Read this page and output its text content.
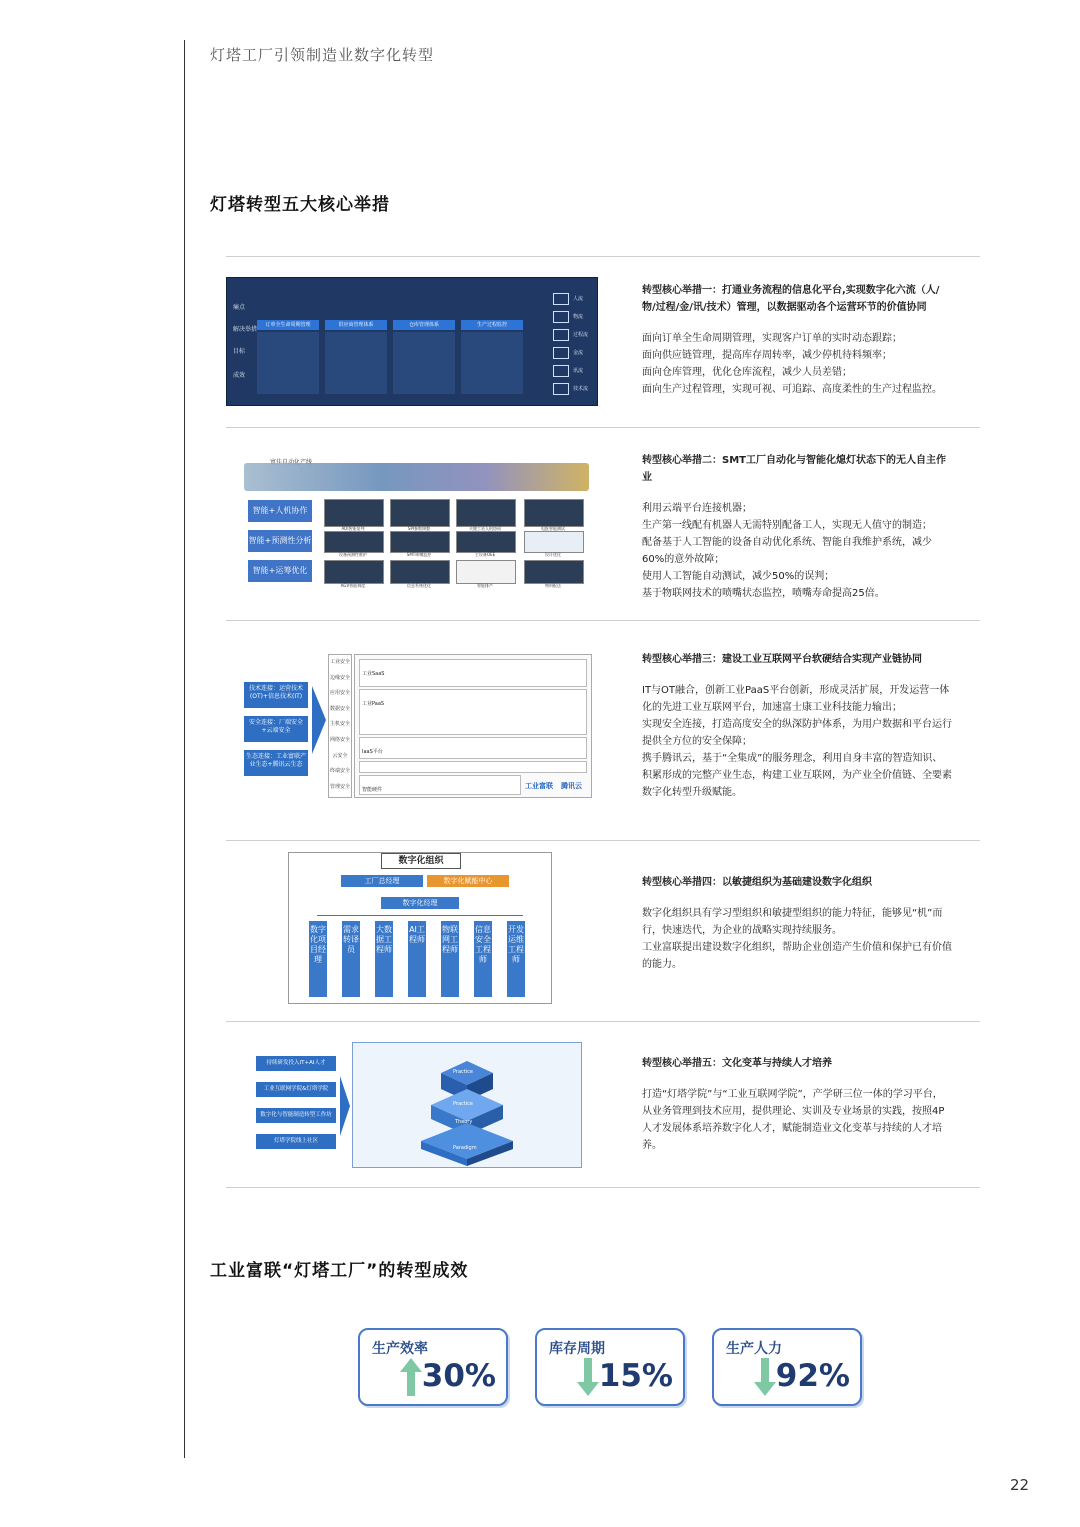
灯塔工厂引领制造业数字化转型
灯塔转型五大核心举措
痛点
解决举措
目标
成效
订单全生命周期管理	供应商管理体系	仓库管理体系	生产过程监控
人流
物流
过程流
金流
讯流
技术流
转型核心举措一：打通业务流程的信息化平台,实现数字化六流（人/物/过程/金/讯/技术）管理，以数据驱动各个运营环节的价值协同
面向订单全生命周期管理，实现客户订单的实时动态跟踪；
面向供应链管理，提高库存周转率，减少停机待料频率；
面向仓库管理，优化仓库流程，减少人员差错；
面向生产过程管理，实现可视、可追踪、高度柔性的生产过程监控。
智能+人机协作
智能+预测性分析
智能+运筹优化
AOI智能复判	SPI参数调整	关键工站人机协同	电批智能测试
设备预测性维护	SMT喷嘴监控	主设备OEE	设计优化
AGV智能调度	信息系统优化	智能排产	物料配送
转型核心举措二：SMT工厂自动化与智能化熄灯状态下的无人自主作业
利用云端平台连接机器；
生产第一线配有机器人无需特别配备工人，实现无人值守的制造；
配备基于人工智能的设备自动优化系统、智能自我维护系统，减少60%的意外故障；
使用人工智能自动测试，减少50%的误判；
基于物联网技术的喷嘴状态监控，喷嘴寿命提高25倍。
技术连接：运营技术(OT)+信息技术(IT)
安全连接：厂端安全+云端安全
生态连接：工业富联产业生态+腾讯云生态
工业安全
边缘安全
应用安全
数据安全
主机安全
网络安全
云安全
终端安全
管理安全
工业SaaS
工业PaaS
IaaS平台
智能硬件	工业富联 腾讯云
转型核心举措三：建设工业互联网平台软硬结合实现产业链协同
IT与OT融合，创新工业PaaS平台创新，形成灵活扩展，开发运营一体化的先进工业互联网平台，加速富士康工业科技能力输出；
实现安全连接，打造高度安全的纵深防护体系，为用户数据和平台运行提供全方位的安全保障；
携手腾讯云，基于“全集成”的服务理念，利用自身丰富的智造知识、积累形成的完整产业生态，构建工业互联网，为产业全价值链、全要素数字化转型升级赋能。
数字化组织
工厂总经理	数字化赋能中心
数字化经理
数字化项目经理
需求转译员
大数据工程师
AI工程师
物联网工程师
信息安全工程师
开发运维工程师
转型核心举措四：以敏捷组织为基础建设数字化组织
数字化组织具有学习型组织和敏捷型组织的能力特征，能够见“机”而行，快速迭代，为企业的战略实现持续服务。
工业富联提出建设数字化组织，帮助企业创造产生价值和保护已有价值的能力。
持续研发投入IT+AI人才
工业互联网学院&灯塔学院
数字化与智能制造转型工作坊
灯塔学院线上社区
Practice
Practice
Theory
Paradigm
转型核心举措五：文化变革与持续人才培养
打造“灯塔学院”与“工业互联网学院”，产学研三位一体的学习平台，从业务管理到技术应用，提供理论、实训及专业场景的实践，按照4P人才发展体系培养数字化人才，赋能制造业文化变革与持续的人才培养。
工业富联“灯塔工厂”的转型成效
生产效率
30%
库存周期
15%
生产人力
92%
22
